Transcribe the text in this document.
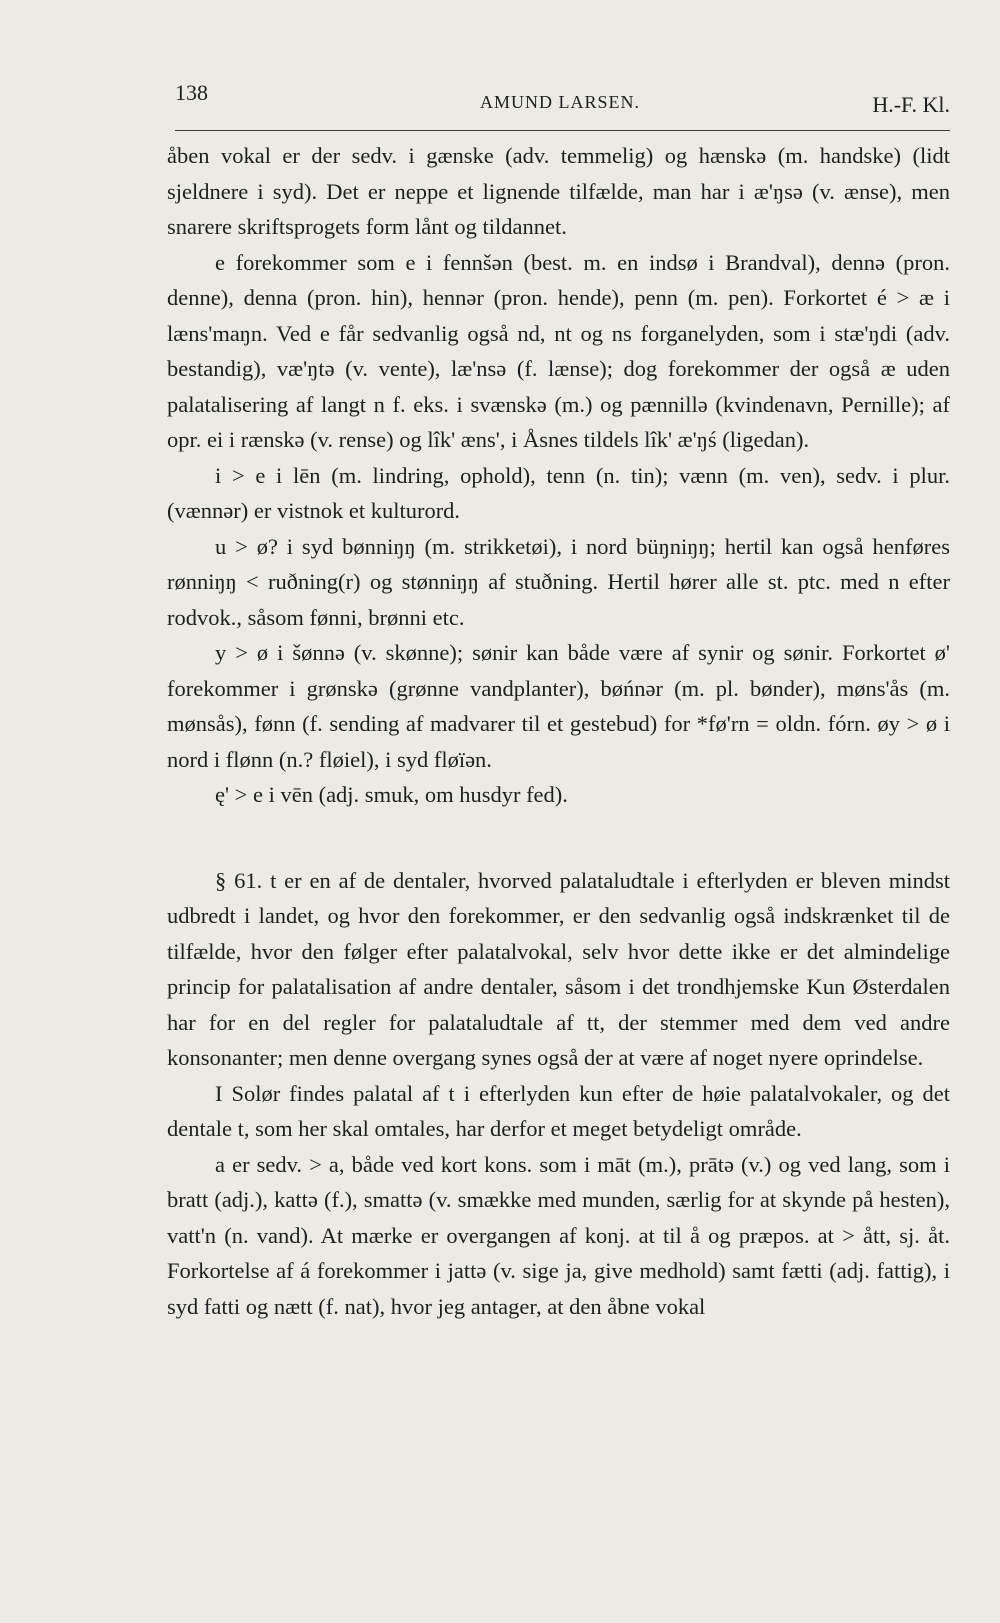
138	AMUND LARSEN.	H.-F. Kl.

åben vokal er der sedv. i gænske (adv. temmelig) og hænskə (m. handske) (lidt sjeldnere i syd). Det er neppe et lignende tilfælde, man har i æ'ŋsə (v. ænse), men snarere skriftsprogets form lånt og tildannet.

e forekommer som e i fennšən (best. m. en indsø i Brandval), dennə (pron. denne), denna (pron. hin), hennər (pron. hende), penn (m. pen). Forkortet é > æ i læns'maŋn. Ved e får sedvanlig også nd, nt og ns forganelyden, som i stæ'ŋdi (adv. bestandig), væ'ŋtə (v. vente), læ'nsə (f. lænse); dog forekommer der også æ uden palatalisering af langt n f. eks. i svænskə (m.) og pænnillə (kvindenavn, Pernille); af opr. ei i rænskə (v. rense) og lîk' æns', i Åsnes tildels lîk' æ'ŋś (ligedan).

i > e i lēn (m. lindring, ophold), tenn (n. tin); vænn (m. ven), sedv. i plur. (vænnər) er vistnok et kulturord.

u > ø? i syd bønniŋŋ (m. strikketøi), i nord büŋniŋŋ; hertil kan også henføres rønniŋŋ < ruðning(r) og stønniŋŋ af stuðning. Hertil hører alle st. ptc. med n efter rodvok., såsom fønni, brønni etc.

y > ø i šønnə (v. skønne); sønir kan både være af synir og sønir. Forkortet ø' forekommer i grønskə (grønne vandplanter), bøńnər (m. pl. bønder), møns'ås (m. mønsås), fønn (f. sending af madvarer til et gestebud) for *fø'rn = oldn. fórn. øy > ø i nord i flønn (n.? fløiel), i syd fløïən.

ę' > e i vēn (adj. smuk, om husdyr fed).

§ 61. t er en af de dentaler, hvorved palataludtale i efterlyden er bleven mindst udbredt i landet, og hvor den forekommer, er den sedvanlig også indskrænket til de tilfælde, hvor den følger efter palatalvokal, selv hvor dette ikke er det almindelige princip for palatalisation af andre dentaler, såsom i det trondhjemske Kun Østerdalen har for en del regler for palataludtale af tt, der stemmer med dem ved andre konsonanter; men denne overgang synes også der at være af noget nyere oprindelse.

I Solør findes palatal af t i efterlyden kun efter de høie palatalvokaler, og det dentale t, som her skal omtales, har derfor et meget betydeligt område.

a er sedv. > a, både ved kort kons. som i māt (m.), prātə (v.) og ved lang, som i bratt (adj.), kattə (f.), smattə (v. smække med munden, særlig for at skynde på hesten), vatt'n (n. vand). At mærke er overgangen af konj. at til å og præpos. at > ått, sj. åt. Forkortelse af á forekommer i jattə (v. sige ja, give medhold) samt fætti (adj. fattig), i syd fatti og nætt (f. nat), hvor jeg antager, at den åbne vokal
